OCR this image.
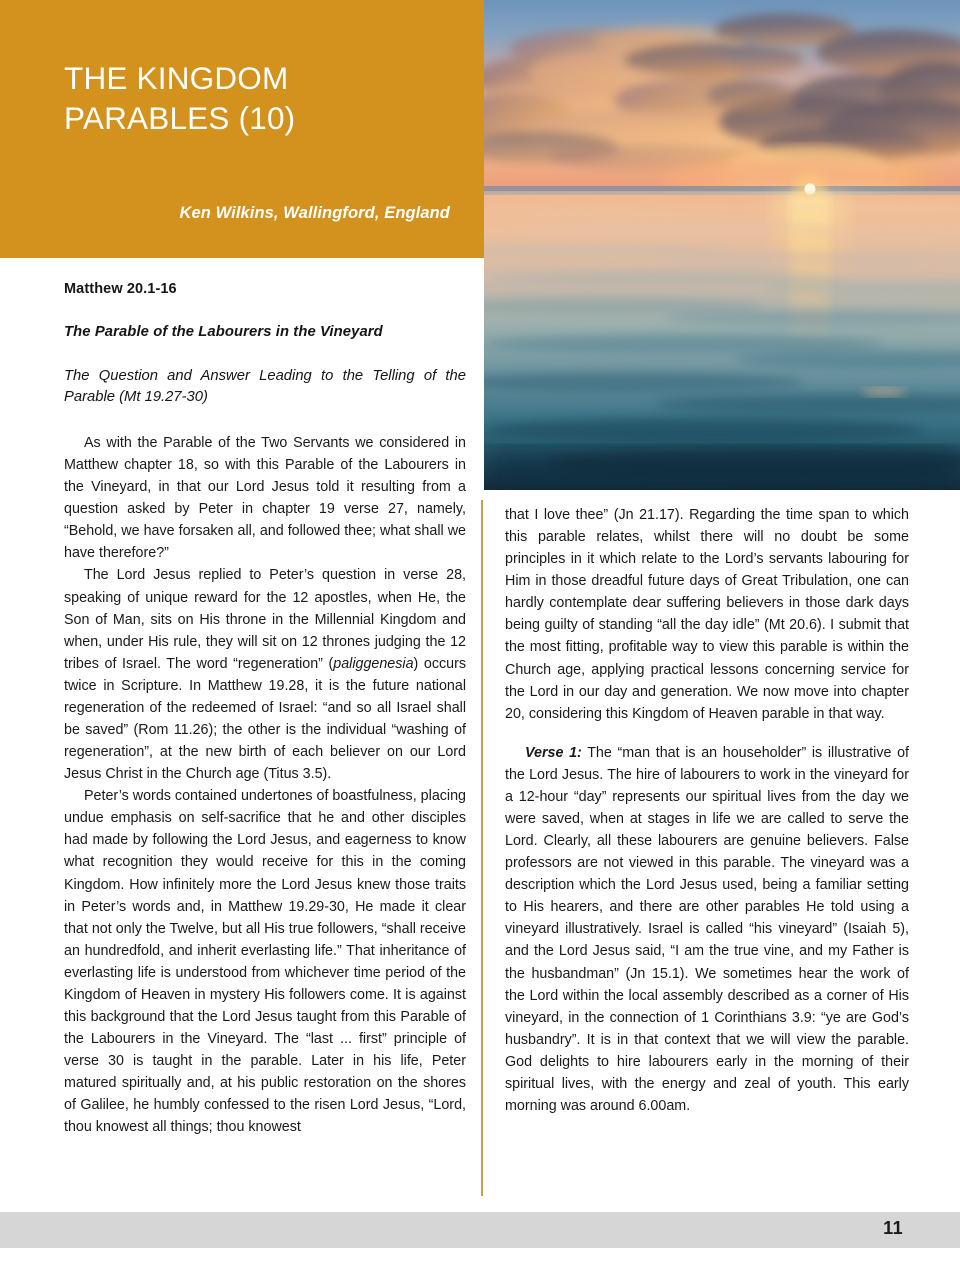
THE KINGDOM
PARABLES (10)
Ken Wilkins, Wallingford, England
Matthew 20.1-16
The Parable of the Labourers in the Vineyard
The Question and Answer Leading to the Telling of the Parable (Mt 19.27-30)

As with the Parable of the Two Servants we considered in Matthew chapter 18, so with this Parable of the Labourers in the Vineyard, in that our Lord Jesus told it resulting from a question asked by Peter in chapter 19 verse 27, namely, “Behold, we have forsaken all, and followed thee; what shall we have therefore?”

The Lord Jesus replied to Peter’s question in verse 28, speaking of unique reward for the 12 apostles, when He, the Son of Man, sits on His throne in the Millennial Kingdom and when, under His rule, they will sit on 12 thrones judging the 12 tribes of Israel. The word “regeneration” (paliggenesia) occurs twice in Scripture. In Matthew 19.28, it is the future national regeneration of the redeemed of Israel: “and so all Israel shall be saved” (Rom 11.26); the other is the individual “washing of regeneration”, at the new birth of each believer on our Lord Jesus Christ in the Church age (Titus 3.5).

Peter’s words contained undertones of boastfulness, placing undue emphasis on self-sacrifice that he and other disciples had made by following the Lord Jesus, and eagerness to know what recognition they would receive for this in the coming Kingdom. How infinitely more the Lord Jesus knew those traits in Peter’s words and, in Matthew 19.29-30, He made it clear that not only the Twelve, but all His true followers, “shall receive an hundredfold, and inherit everlasting life.” That inheritance of everlasting life is understood from whichever time period of the Kingdom of Heaven in mystery His followers come. It is against this background that the Lord Jesus taught from this Parable of the Labourers in the Vineyard. The “last ... first” principle of verse 30 is taught in the parable. Later in his life, Peter matured spiritually and, at his public restoration on the shores of Galilee, he humbly confessed to the risen Lord Jesus, “Lord, thou knowest all things; thou knowest

that I love thee” (Jn 21.17). Regarding the time span to which this parable relates, whilst there will no doubt be some principles in it which relate to the Lord’s servants labouring for Him in those dreadful future days of Great Tribulation, one can hardly contemplate dear suffering believers in those dark days being guilty of standing “all the day idle” (Mt 20.6). I submit that the most fitting, profitable way to view this parable is within the Church age, applying practical lessons concerning service for the Lord in our day and generation. We now move into chapter 20, considering this Kingdom of Heaven parable in that way.

Verse 1: The “man that is an householder” is illustrative of the Lord Jesus. The hire of labourers to work in the vineyard for a 12-hour “day” represents our spiritual lives from the day we were saved, when at stages in life we are called to serve the Lord. Clearly, all these labourers are genuine believers. False professors are not viewed in this parable. The vineyard was a description which the Lord Jesus used, being a familiar setting to His hearers, and there are other parables He told using a vineyard illustratively. Israel is called “his vineyard” (Isaiah 5), and the Lord Jesus said, “I am the true vine, and my Father is the husbandman” (Jn 15.1). We sometimes hear the work of the Lord within the local assembly described as a corner of His vineyard, in the connection of 1 Corinthians 3.9: “ye are God’s husbandry”. It is in that context that we will view the parable. God delights to hire labourers early in the morning of their spiritual lives, with the energy and zeal of youth. This early morning was around 6.00am.

11
